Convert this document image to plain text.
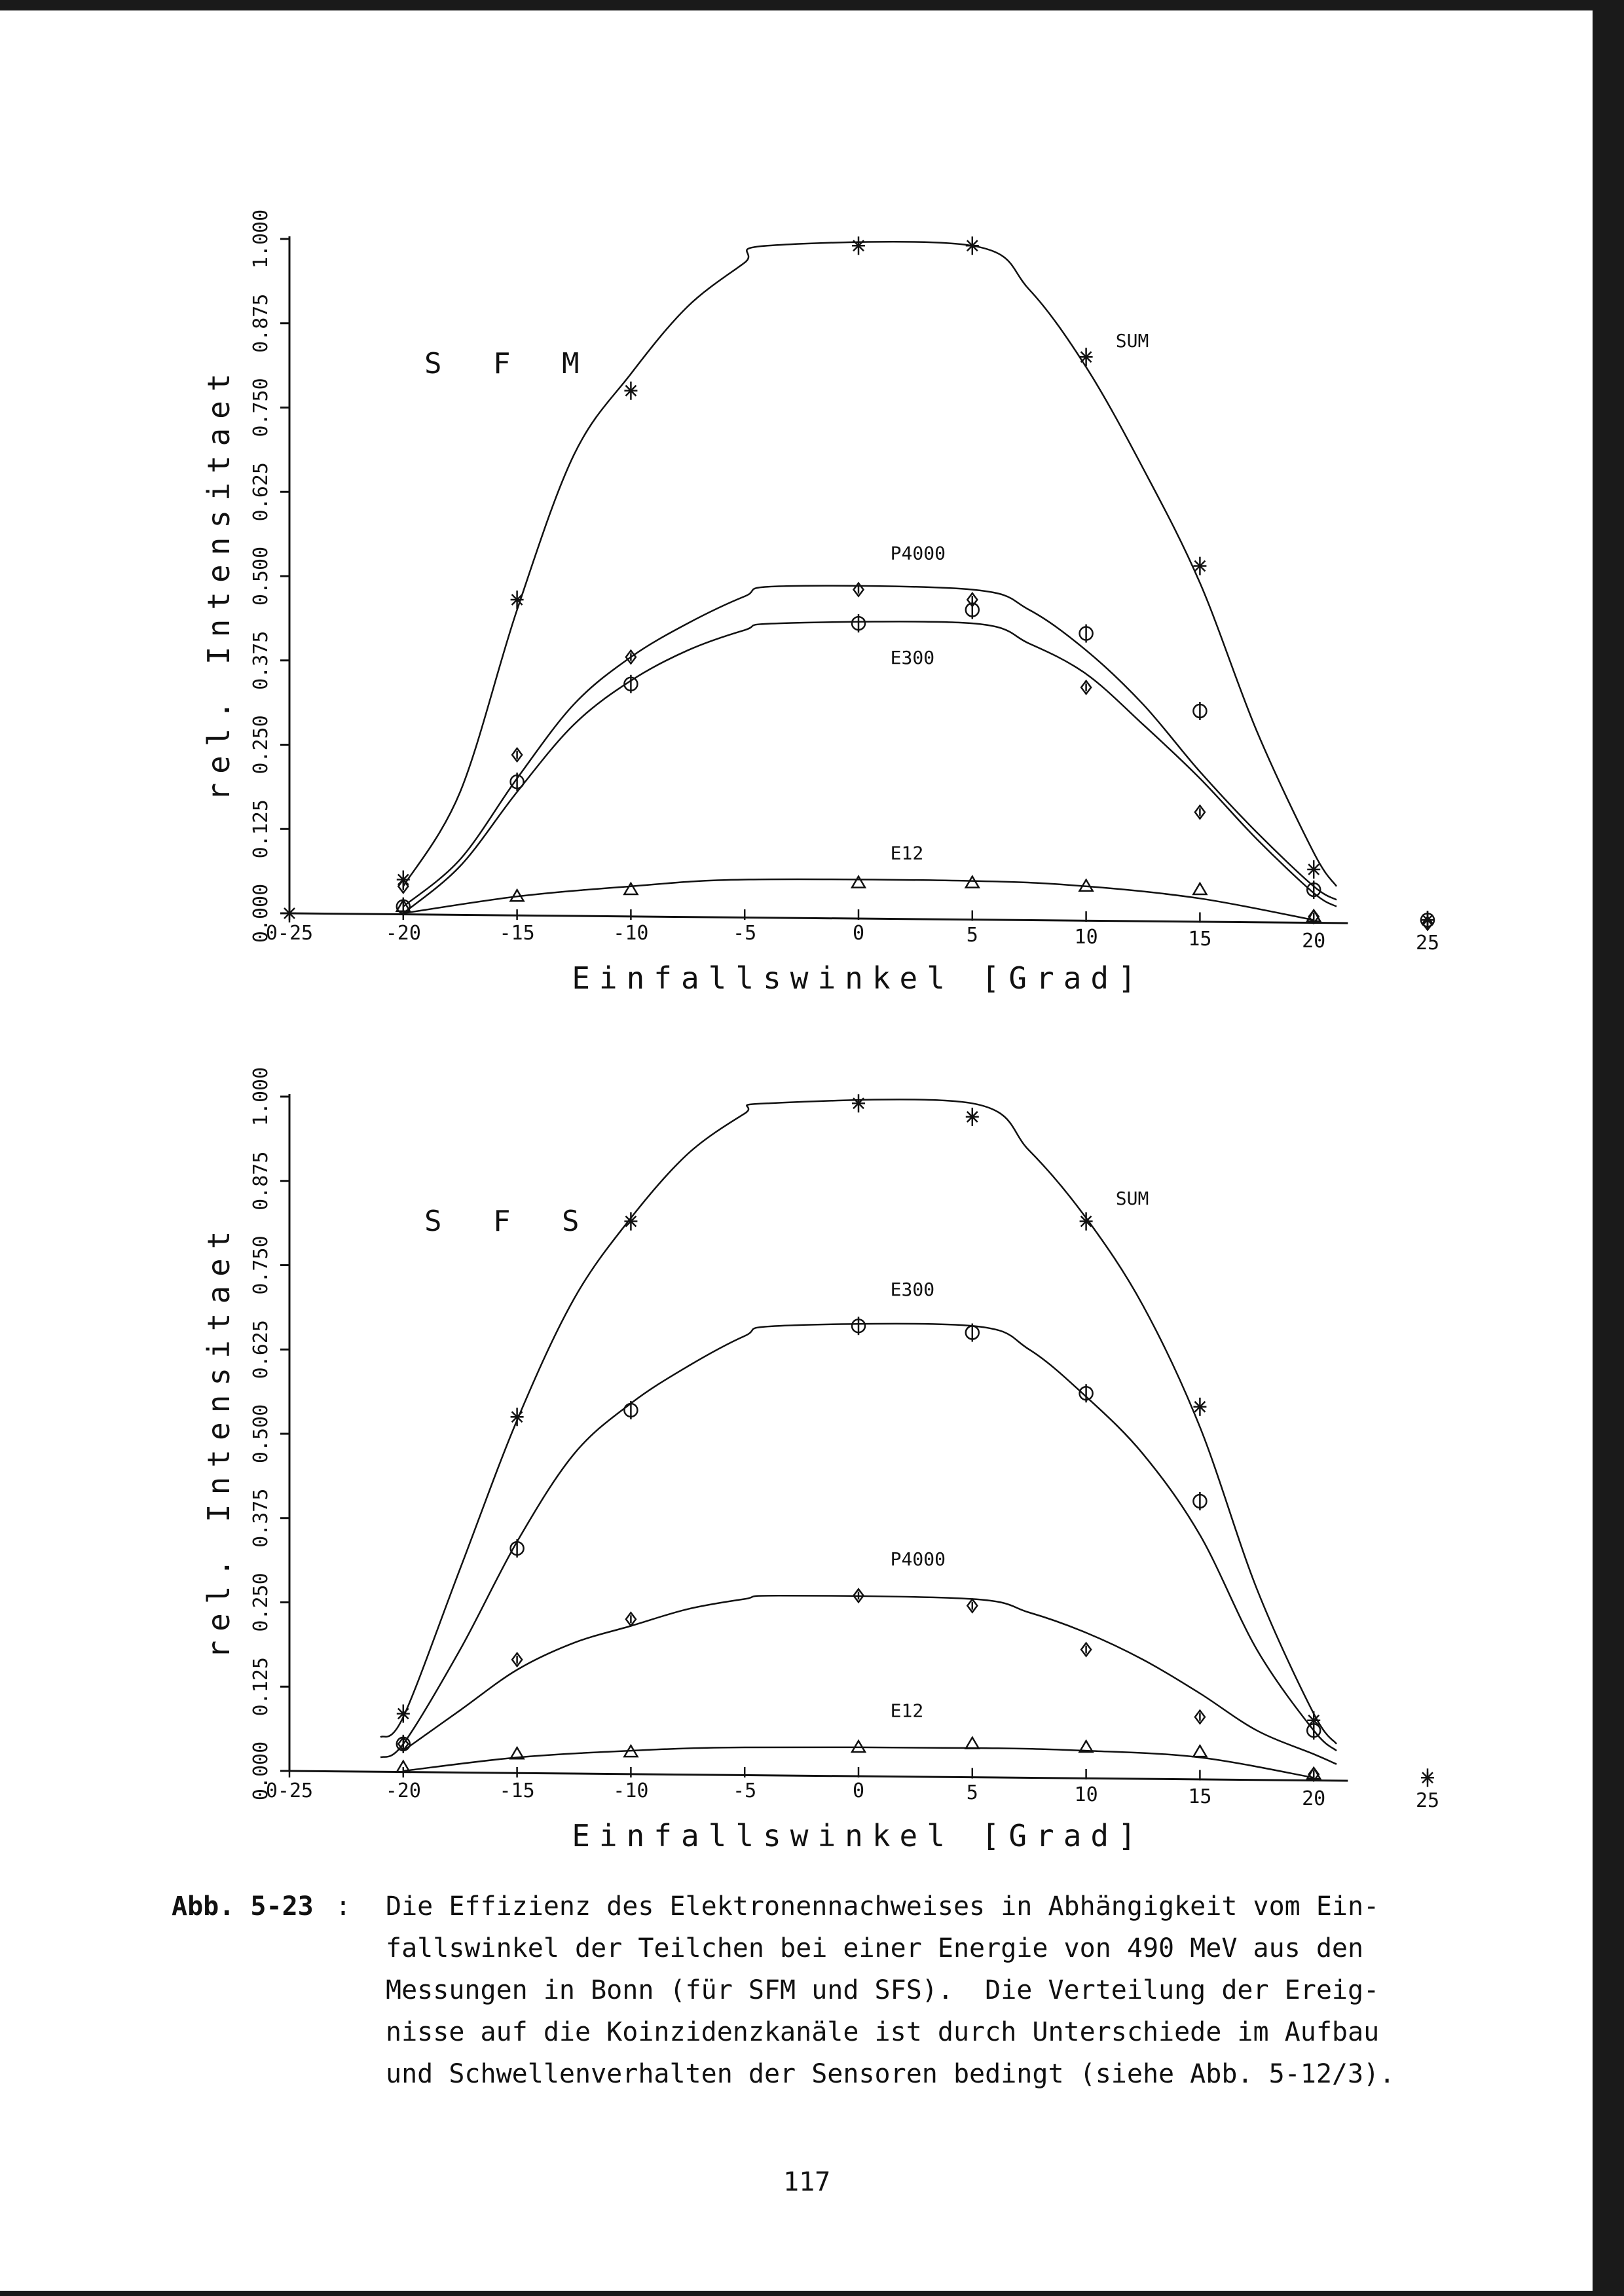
0.000
0.125
0.250
0.375
0.500
0.625
0.750
0.875
1.000
0-25	-20	-15	-10	-5	0	5	10	15	20	25
rel. Intensitaet
Einfallswinkel [Grad]
S F M
SUM
P4000
E300
E12
0.000
0.125
0.250
0.375
0.500
0.625
0.750
0.875
1.000
0-25	-20	-15	-10	-5	0	5	10	15	20	25
rel. Intensitaet
Einfallswinkel [Grad]
S F S
SUM
E300
P4000
E12
Abb. 5-23 : Die Effizienz des Elektronennachweises in Abhängigkeit vom Ein-
fallswinkel der Teilchen bei einer Energie von 490 MeV aus den
Messungen in Bonn (für SFM und SFS).  Die Verteilung der Ereig-
nisse auf die Koinzidenzkanäle ist durch Unterschiede im Aufbau
und Schwellenverhalten der Sensoren bedingt (siehe Abb. 5-12/3).
117
